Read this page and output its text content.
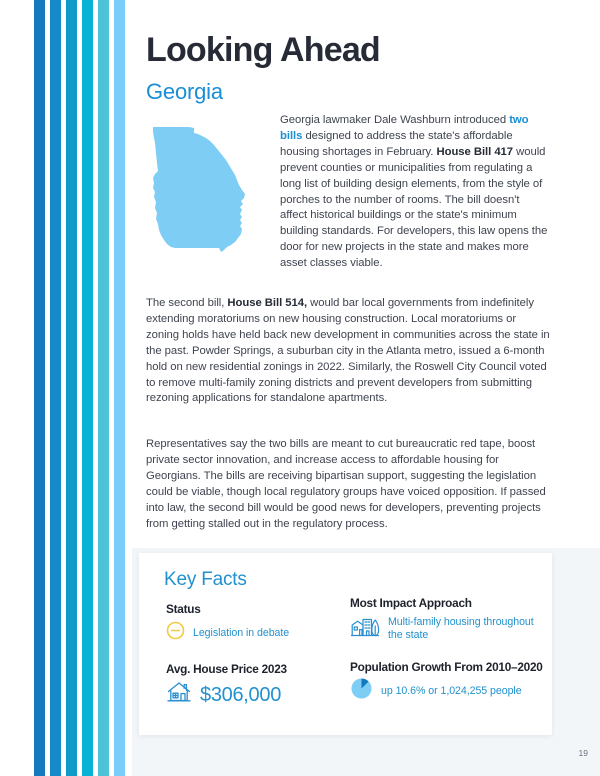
Looking Ahead
Georgia

Georgia lawmaker Dale Washburn introduced two bills designed to address the state's affordable housing shortages in February. House Bill 417 would prevent counties or municipalities from regulating a long list of building design elements, from the style of porches to the number of rooms. The bill doesn't affect historical buildings or the state's minimum building standards. For developers, this law opens the door for new projects in the state and makes more asset classes viable.

The second bill, House Bill 514, would bar local governments from indefinitely extending moratoriums on new housing construction. Local moratoriums or zoning holds have held back new development in communities across the state in the past. Powder Springs, a suburban city in the Atlanta metro, issued a 6-month hold on new residential zonings in 2022. Similarly, the Roswell City Council voted to remove multi-family zoning districts and prevent developers from submitting rezoning applications for standalone apartments.

Representatives say the two bills are meant to cut bureaucratic red tape, boost private sector innovation, and increase access to affordable housing for Georgians. The bills are receiving bipartisan support, suggesting the legislation could be viable, though local regulatory groups have voiced opposition. If passed into law, the second bill would be good news for developers, preventing projects from getting stalled out in the regulatory process.

Key Facts
Status
Legislation in debate
Avg. House Price 2023
$306,000
Most Impact Approach
Multi-family housing throughout the state
Population Growth From 2010–2020
up 10.6% or 1,024,255 people
19
